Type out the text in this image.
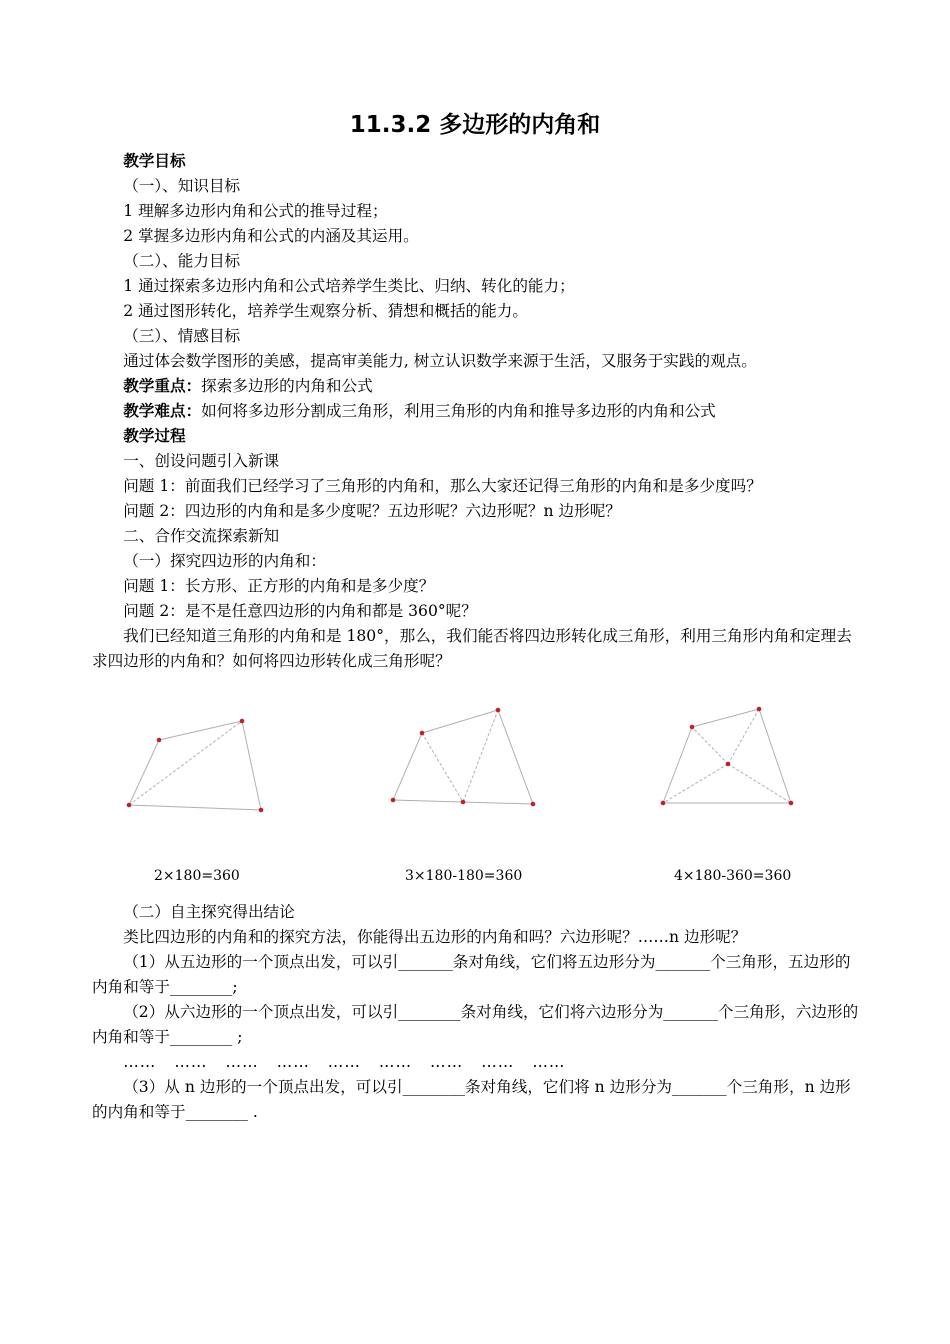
11.3.2 多边形的内角和

教学目标

（一）、知识目标

1 理解多边形内角和公式的推导过程；

2 掌握多边形内角和公式的内涵及其运用。

（二）、能力目标

1 通过探索多边形内角和公式培养学生类比、归纳、转化的能力；

2 通过图形转化，培养学生观察分析、猜想和概括的能力。

（三）、情感目标

通过体会数学图形的美感，提高审美能力, 树立认识数学来源于生活，又服务于实践的观点。

教学重点：探索多边形的内角和公式

教学难点：如何将多边形分割成三角形，利用三角形的内角和推导多边形的内角和公式

教学过程

一、创设问题引入新课

问题 1：前面我们已经学习了三角形的内角和，那么大家还记得三角形的内角和是多少度吗？

问题 2：四边形的内角和是多少度呢？五边形呢？六边形呢？n 边形呢？

二、合作交流探索新知

（一）探究四边形的内角和：

问题 1：长方形、正方形的内角和是多少度？

问题 2：是不是任意四边形的内角和都是 360°呢？

我们已经知道三角形的内角和是 180°，那么，我们能否将四边形转化成三角形，利用三角形内角和定理去求四边形的内角和？如何将四边形转化成三角形呢？

2×180=360	3×180-180=360	4×180-360=360

（二）自主探究得出结论

类比四边形的内角和的探究方法，你能得出五边形的内角和吗？六边形呢？……n 边形呢？

（1）从五边形的一个顶点出发，可以引_______条对角线，它们将五边形分为_______个三角形，五边形的内角和等于________;

（2）从六边形的一个顶点出发，可以引________条对角线，它们将六边形分为_______个三角形，六边形的内角和等于________ ;

…… …… …… …… …… …… …… …… ……

（3）从 n 边形的一个顶点出发，可以引________条对角线，它们将 n 边形分为_______个三角形，n 边形的内角和等于________ .
